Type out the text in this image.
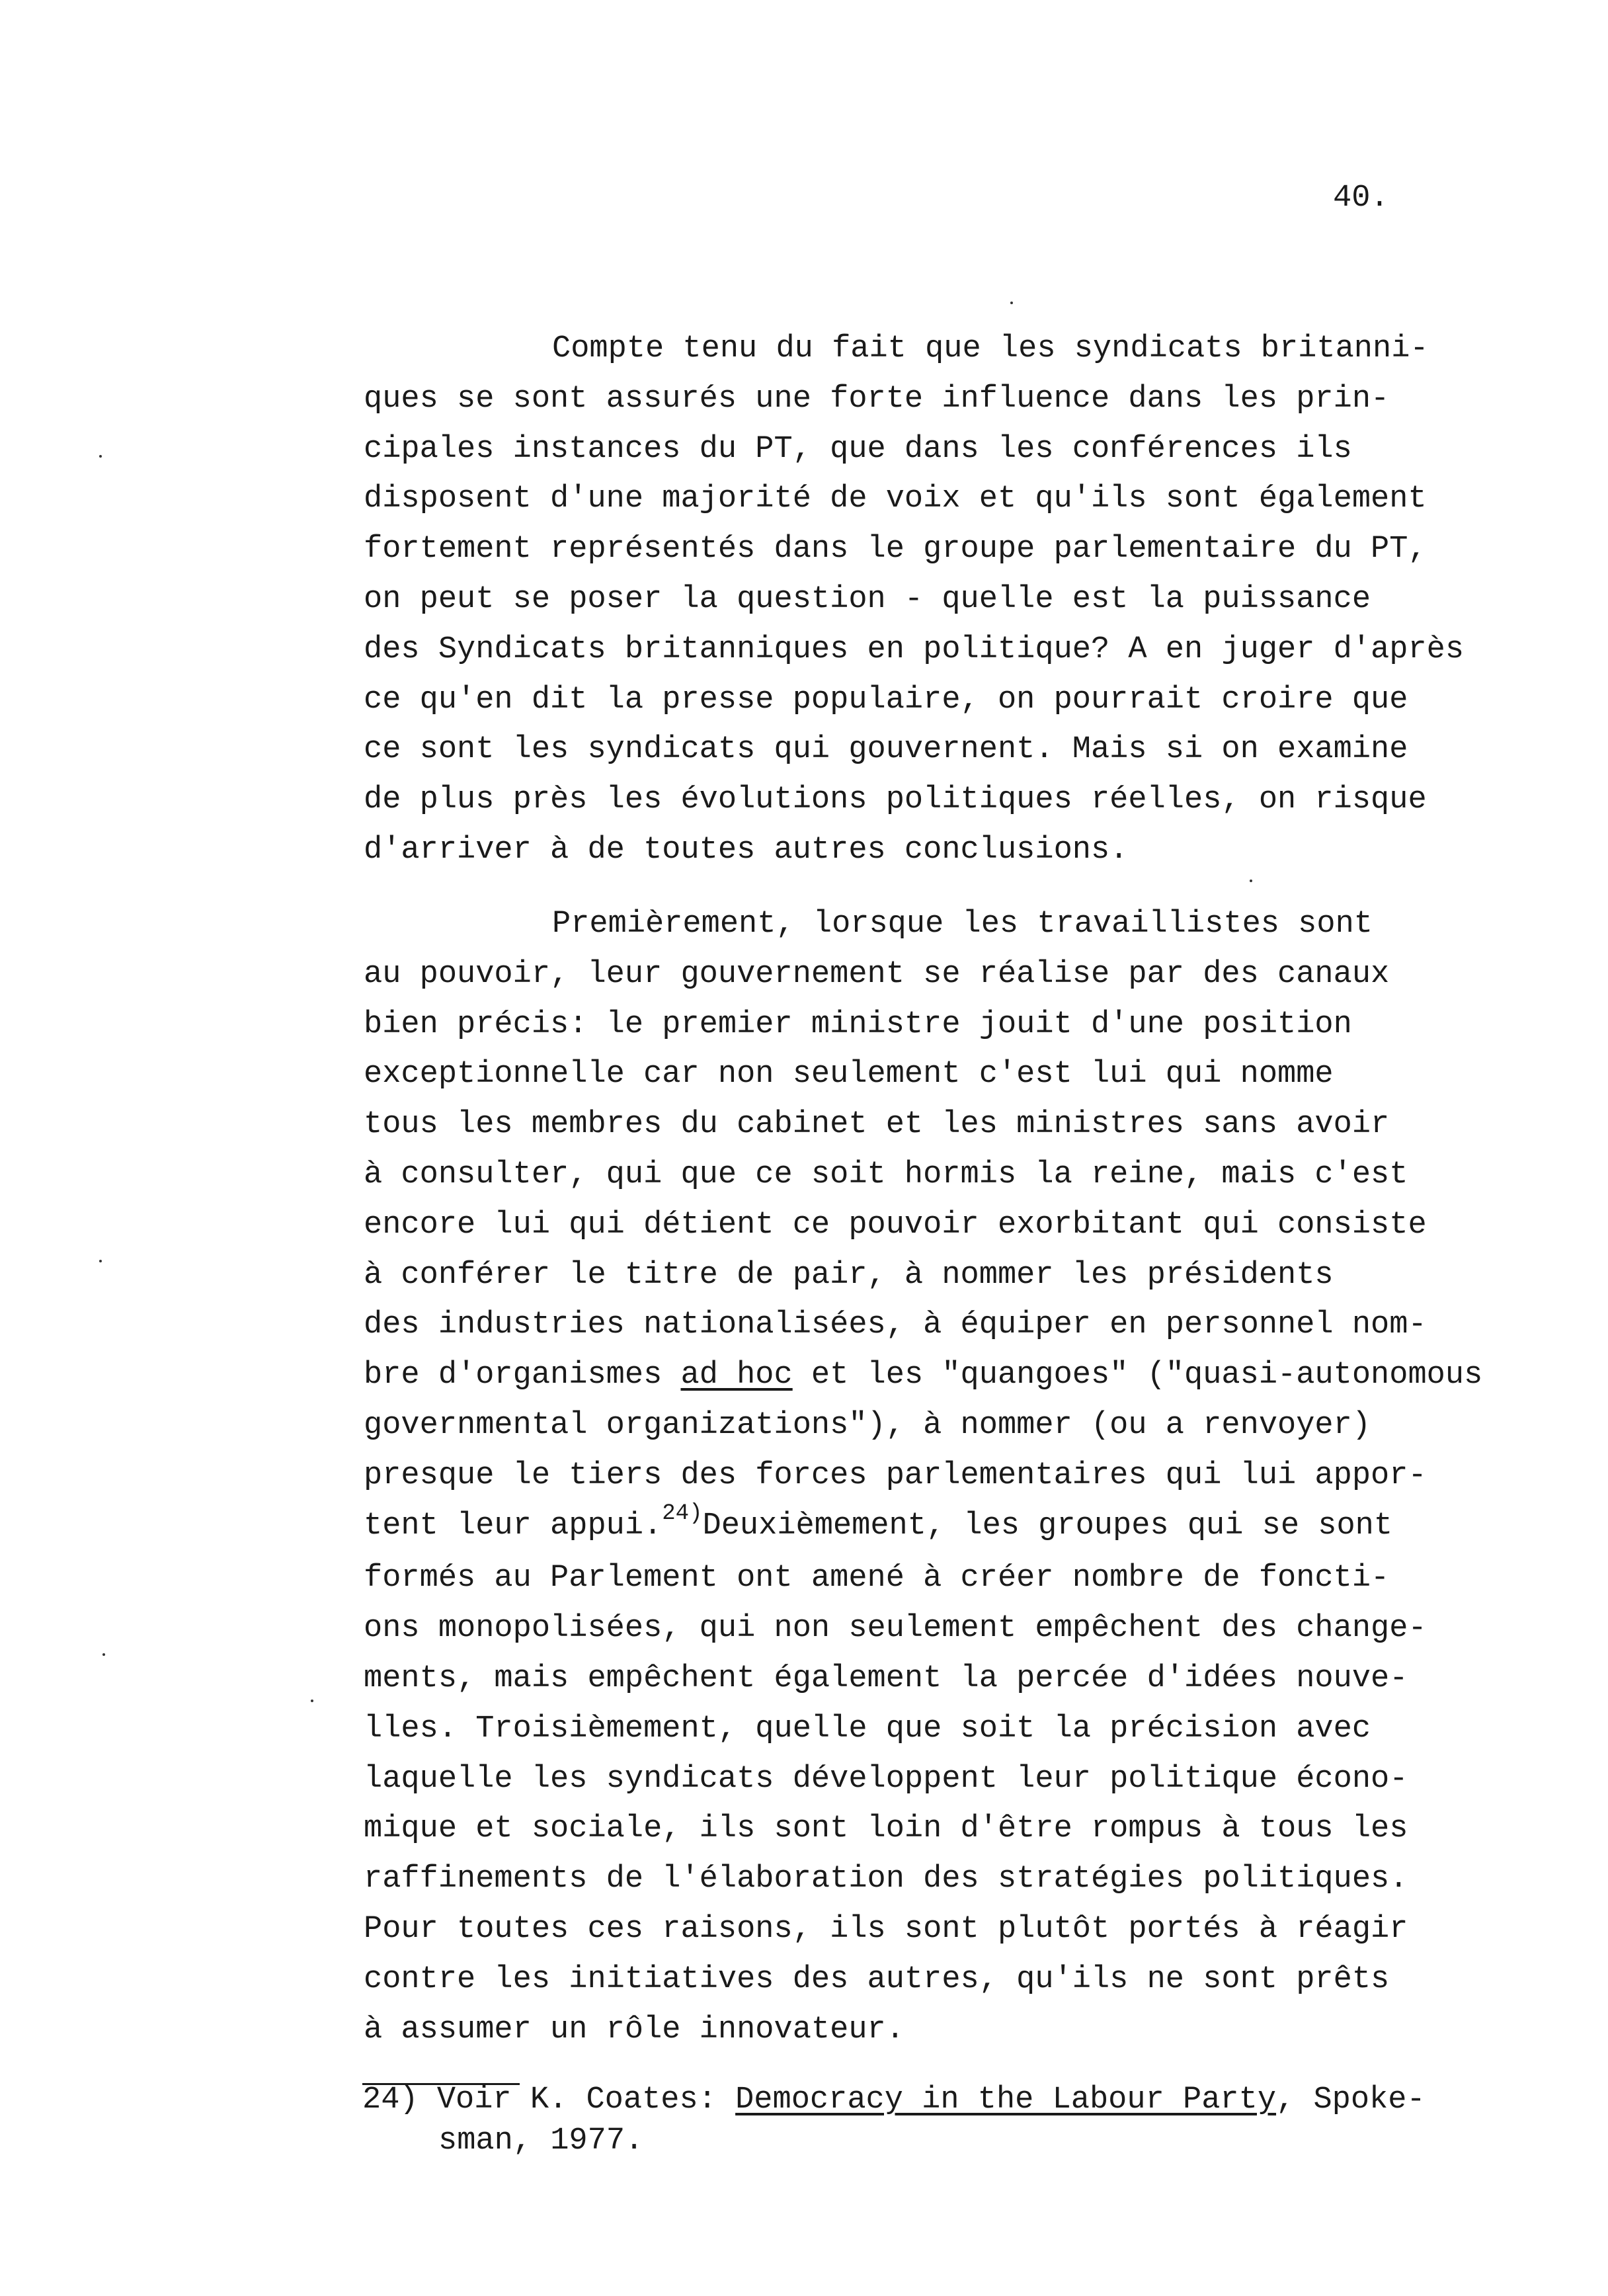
40.
Compte tenu du fait que les syndicats britanni-
ques se sont assurés une forte influence dans les prin-
cipales instances du PT, que dans les conférences ils
disposent d'une majorité de voix et qu'ils sont également
fortement représentés dans le groupe parlementaire du PT,
on peut se poser la question - quelle est la puissance
des Syndicats britanniques en politique? A en juger d'après
ce qu'en dit la presse populaire, on pourrait croire que
ce sont les syndicats qui gouvernent. Mais si on examine
de plus près les évolutions politiques réelles, on risque
d'arriver à de toutes autres conclusions.
Premièrement, lorsque les travaillistes sont
au pouvoir, leur gouvernement se réalise par des canaux
bien précis: le premier ministre jouit d'une position
exceptionnelle car non seulement c'est lui qui nomme
tous les membres du cabinet et les ministres sans avoir
à consulter, qui que ce soit hormis la reine, mais c'est
encore lui qui détient ce pouvoir exorbitant qui consiste
à conférer le titre de pair, à nommer les présidents
des industries nationalisées, à équiper en personnel nom-
bre d'organismes ad hoc et les "quangoes" ("quasi-autonomous
governmental organizations"), à nommer (ou a renvoyer)
presque le tiers des forces parlementaires qui lui appor-
tent leur appui.$^{24)}$Deuxièmement, les groupes qui se sont
formés au Parlement ont amené à créer nombre de foncti-
ons monopolisées, qui non seulement empêchent des change-
ments, mais empêchent également la percée d'idées nouve-
lles. Troisièmement, quelle que soit la précision avec
laquelle les syndicats développent leur politique écono-
mique et sociale, ils sont loin d'être rompus à tous les
raffinements de l'élaboration des stratégies politiques.
Pour toutes ces raisons, ils sont plutôt portés à réagir
contre les initiatives des autres, qu'ils ne sont prêts
à assumer un rôle innovateur.
24) Voir K. Coates: Democracy in the Labour Party, Spoke-
sman, 1977.
